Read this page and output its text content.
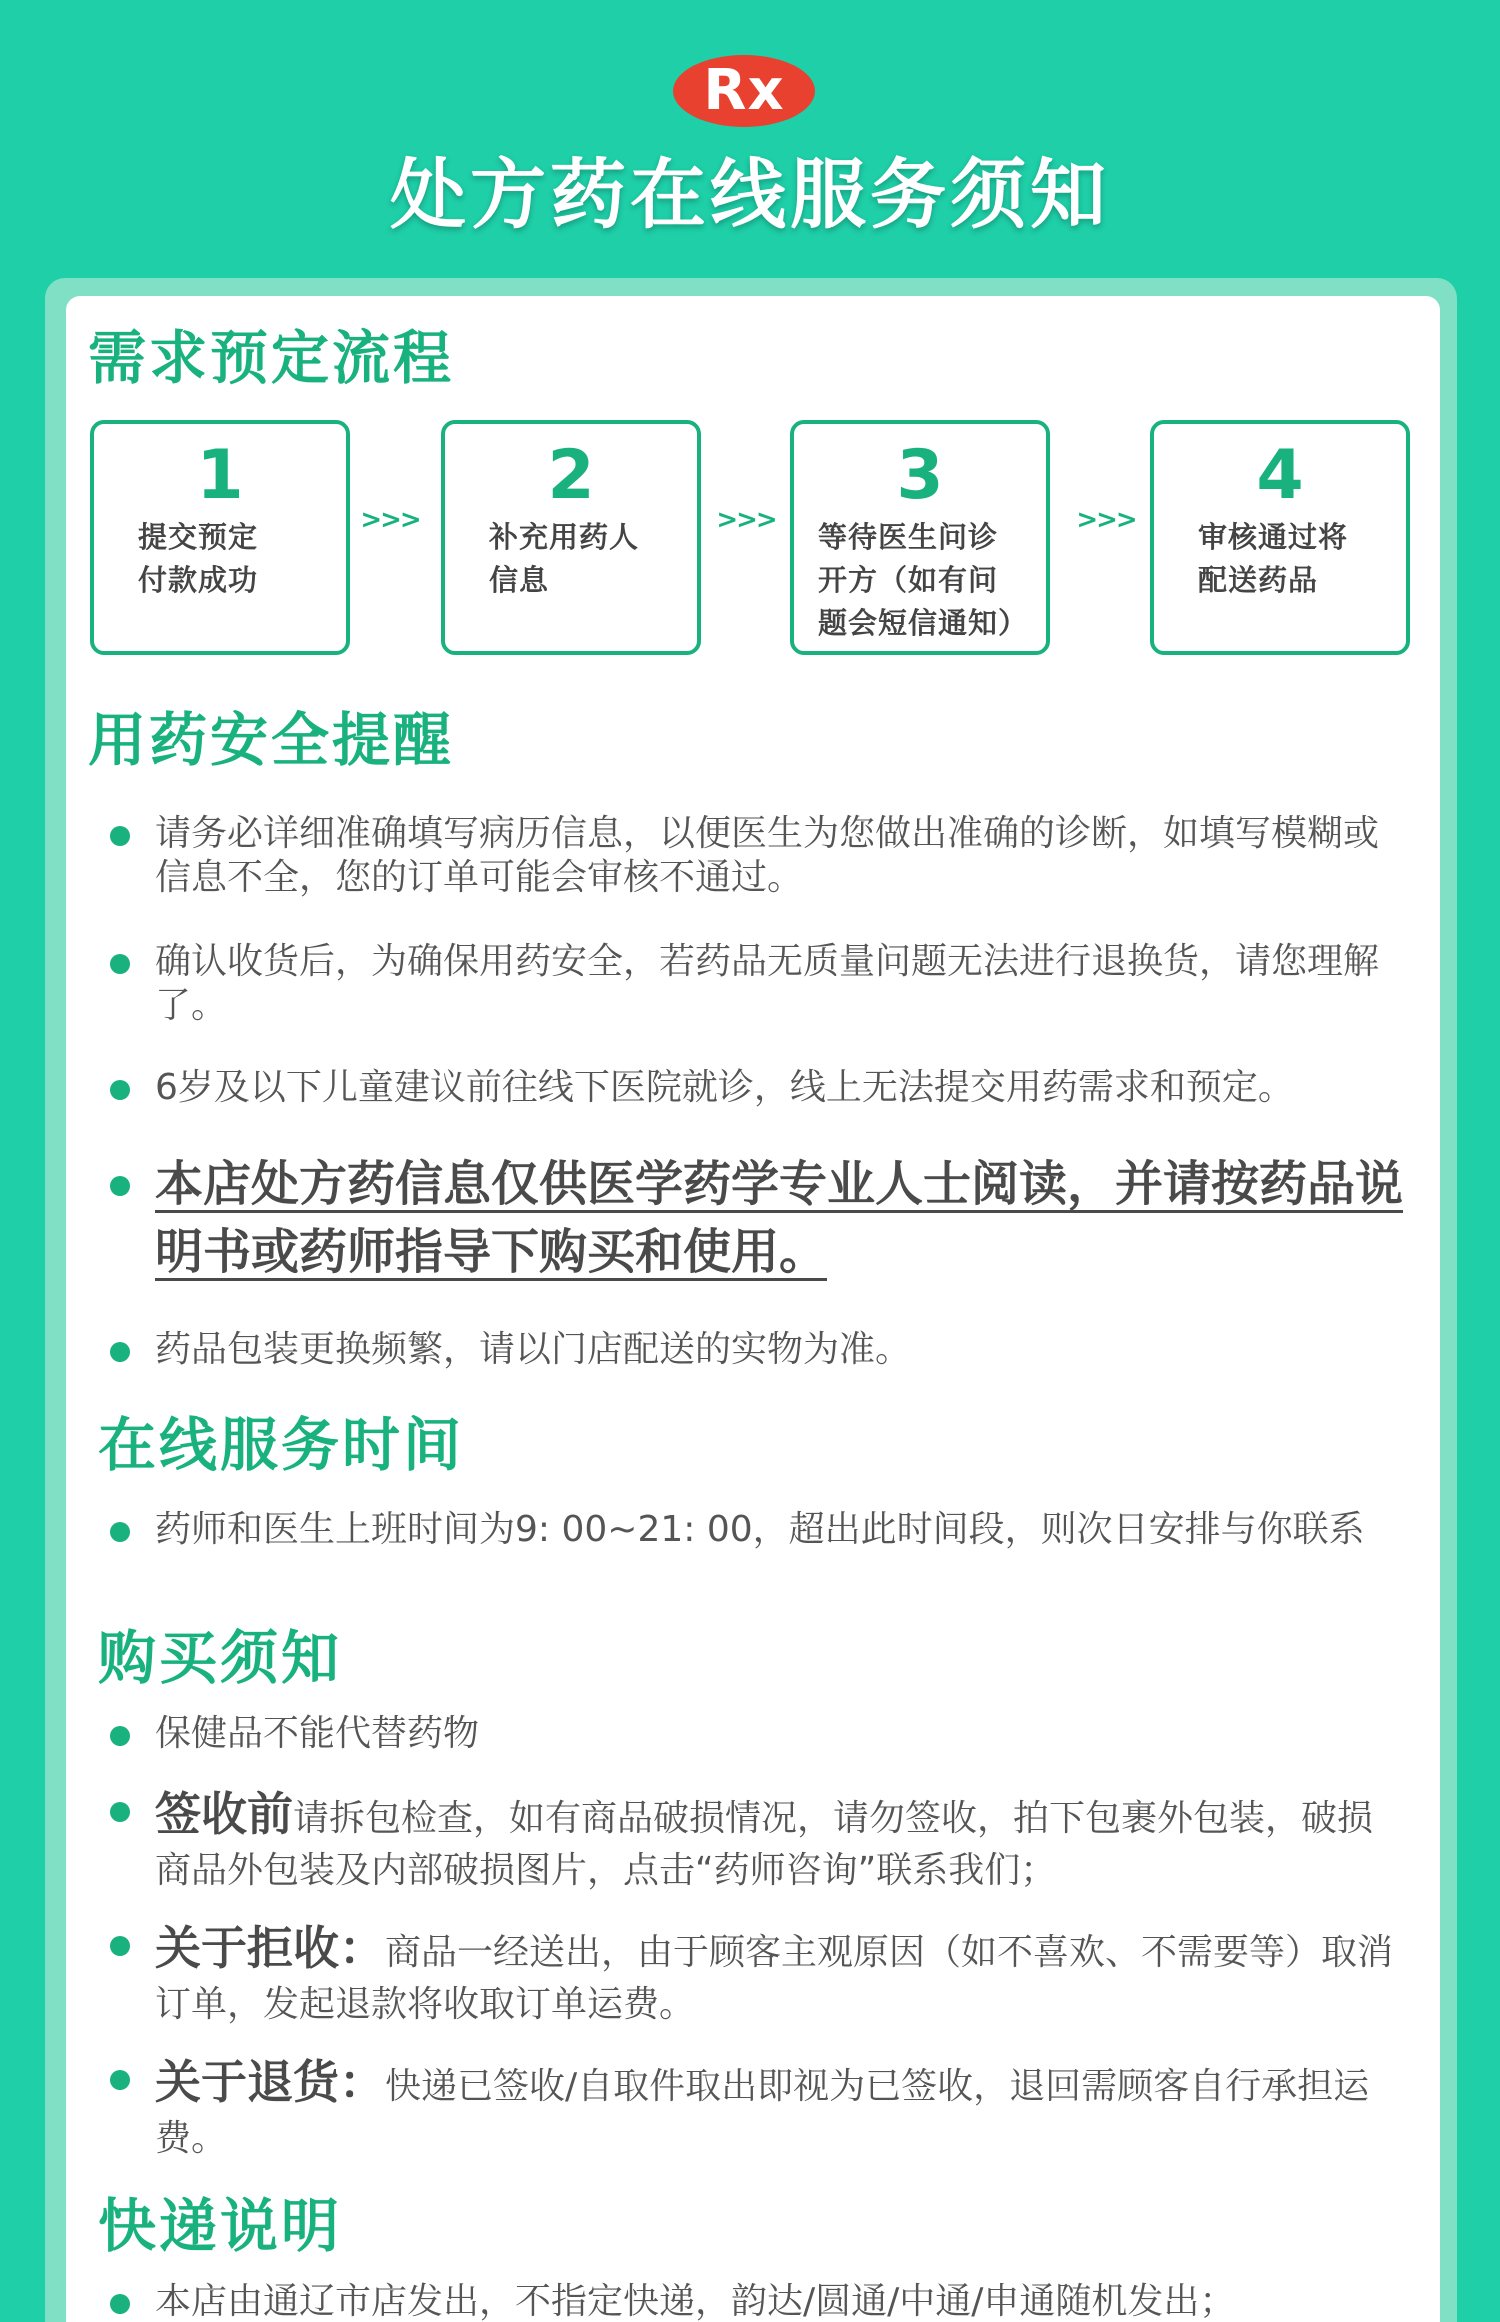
Rx
处方药在线服务须知
需求预定流程
1
提交预定
付款成功
>>>
2
补充用药人
信息
>>>
3
等待医生问诊
开方（如有问
题会短信通知）
>>>
4
审核通过将
配送药品
用药安全提醒
请务必详细准确填写病历信息，以便医生为您做出准确的诊断，如填写模糊或信息不全，您的订单可能会审核不通过。
确认收货后，为确保用药安全，若药品无质量问题无法进行退换货，请您理解了。
6岁及以下儿童建议前往线下医院就诊，线上无法提交用药需求和预定。
本店处方药信息仅供医学药学专业人士阅读，并请按药品说明书或药师指导下购买和使用。
药品包装更换频繁，请以门店配送的实物为准。
在线服务时间
药师和医生上班时间为9: 00~21: 00，超出此时间段，则次日安排与你联系
购买须知
保健品不能代替药物
签收前请拆包检查，如有商品破损情况，请勿签收，拍下包裹外包装，破损商品外包装及内部破损图片，点击“药师咨询”联系我们；
关于拒收：商品一经送出，由于顾客主观原因（如不喜欢、不需要等）取消订单，发起退款将收取订单运费。
关于退货：快递已签收/自取件取出即视为已签收，退回需顾客自行承担运费。
快递说明
本店由通辽市店发出，不指定快递，韵达/圆通/中通/申通随机发出；
